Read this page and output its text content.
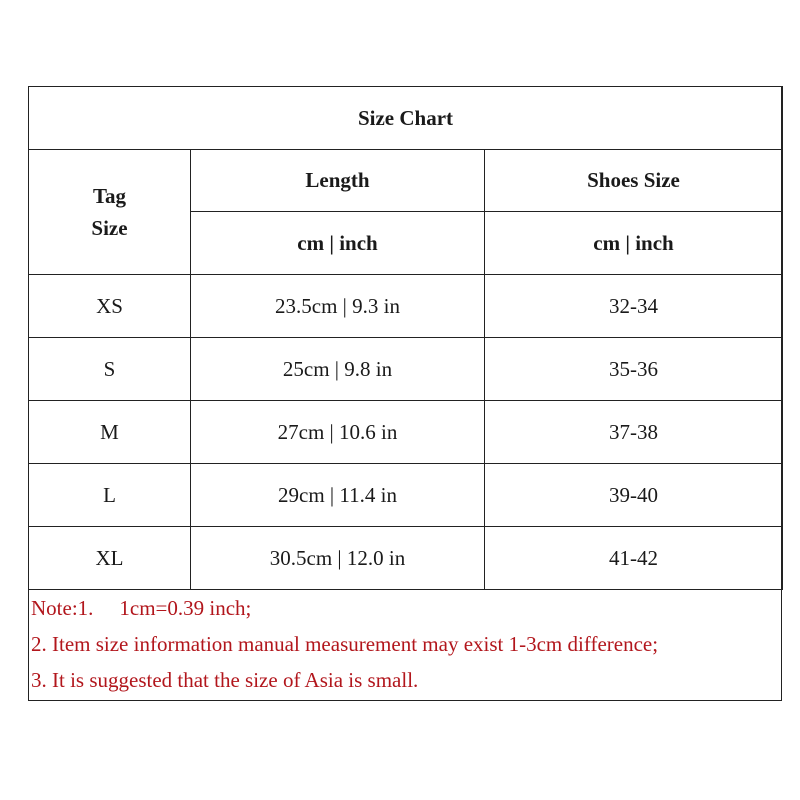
Size Chart		

Tag
Size	Length	Shoes Size
	cm | inch	cm | inch
XS	23.5cm | 9.3 in	32-34
S	25cm | 9.8 in	35-36
M	27cm | 10.6 in	37-38
L	29cm | 11.4 in	39-40
XL	30.5cm | 12.0 in	41-42
Note:1. 1cm=0.39 inch;
2. Item size information manual measurement may exist 1-3cm difference;
3. It is suggested that the size of Asia is small.
